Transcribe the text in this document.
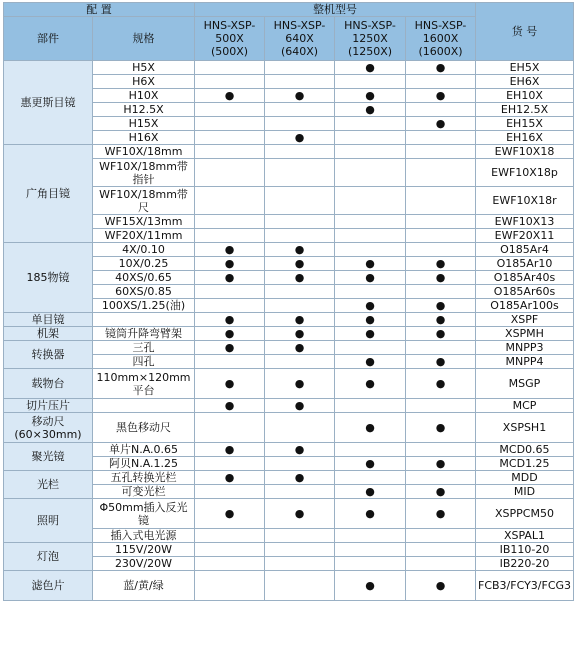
配 置		整机型号				货 号
部件	规格	HNS-XSP-
500X
(500X)	HNS-XSP-
640X
(640X)	HNS-XSP-
1250X
(1250X)	HNS-XSP-
1600X
(1600X)	
惠更斯目镜	H5X			●	●	EH5X
	H6X					EH6X
	H10X	●	●	●	●	EH10X
	H12.5X			●		EH12.5X
	H15X				●	EH15X
	H16X		●			EH16X
广角目镜	WF10X/18mm					EWF10X18
	WF10X/18mm带
指针					EWF10X18p
	WF10X/18mm带
尺					EWF10X18r
	WF15X/13mm					EWF10X13
	WF20X/11mm					EWF20X11
185物镜	4X/0.10	●	●			O185Ar4
	10X/0.25	●	●	●	●	O185Ar10
	40XS/0.65	●	●	●	●	O185Ar40s
	60XS/0.85					O185Ar60s
	100XS/1.25(油)			●	●	O185Ar100s
单目镜		●	●	●	●	XSPF
机架	镜筒升降弯臂架	●	●	●	●	XSPMH
转换器	三孔	●	●			MNPP3
	四孔			●	●	MNPP4
载物台	110mm×120mm
平台	●	●	●	●	MSGP
切片压片		●	●			MCP
移动尺
(60×30mm)	黑色移动尺			●	●	XSPSH1
聚光镜	单片N.A.0.65	●	●			MCD0.65
	阿贝N.A.1.25			●	●	MCD1.25
光栏	五孔转换光栏	●	●			MDD
	可变光栏			●	●	MID
照明	Φ50mm插入反光
镜	●	●	●	●	XSPPCM50
	插入式电光源					XSPAL1
灯泡	115V/20W					IB110-20
	230V/20W					IB220-20
滤色片	蓝/黄/绿			●	●	FCB3/FCY3/FCG3
